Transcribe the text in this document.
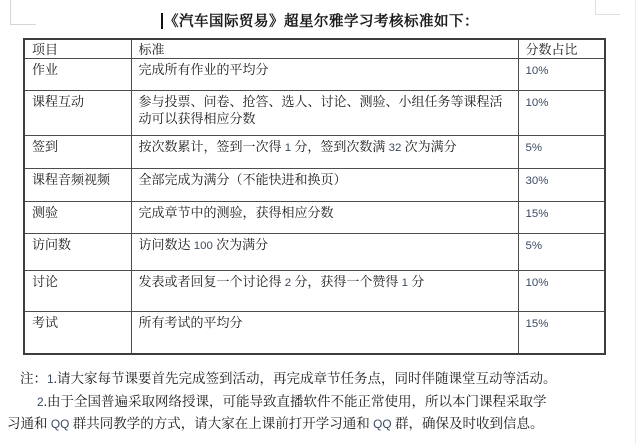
《汽车国际贸易》超星尔雅学习考核标准如下：
项目	标准	分数占比
作业	完成所有作业的平均分	10%
课程互动	参与投票、问卷、抢答、选人、讨论、测验、小组任务等课程活动可以获得相应分数	10%
签到	按次数累计，签到一次得 1 分，签到次数满 32 次为满分	5%
课程音频视频	全部完成为满分（不能快进和换页）	30%
测验	完成章节中的测验，获得相应分数	15%
访问数	访问数达 100 次为满分	5%
讨论	发表或者回复一个讨论得 2 分，获得一个赞得 1 分	10%
考试	所有考试的平均分	15%
注：1.请大家每节课要首先完成签到活动，再完成章节任务点，同时伴随课堂互动等活动。
2.由于全国普遍采取网络授课，可能导致直播软件不能正常使用，所以本门课程采取学
习通和 QQ 群共同教学的方式，请大家在上课前打开学习通和 QQ 群，确保及时收到信息。
